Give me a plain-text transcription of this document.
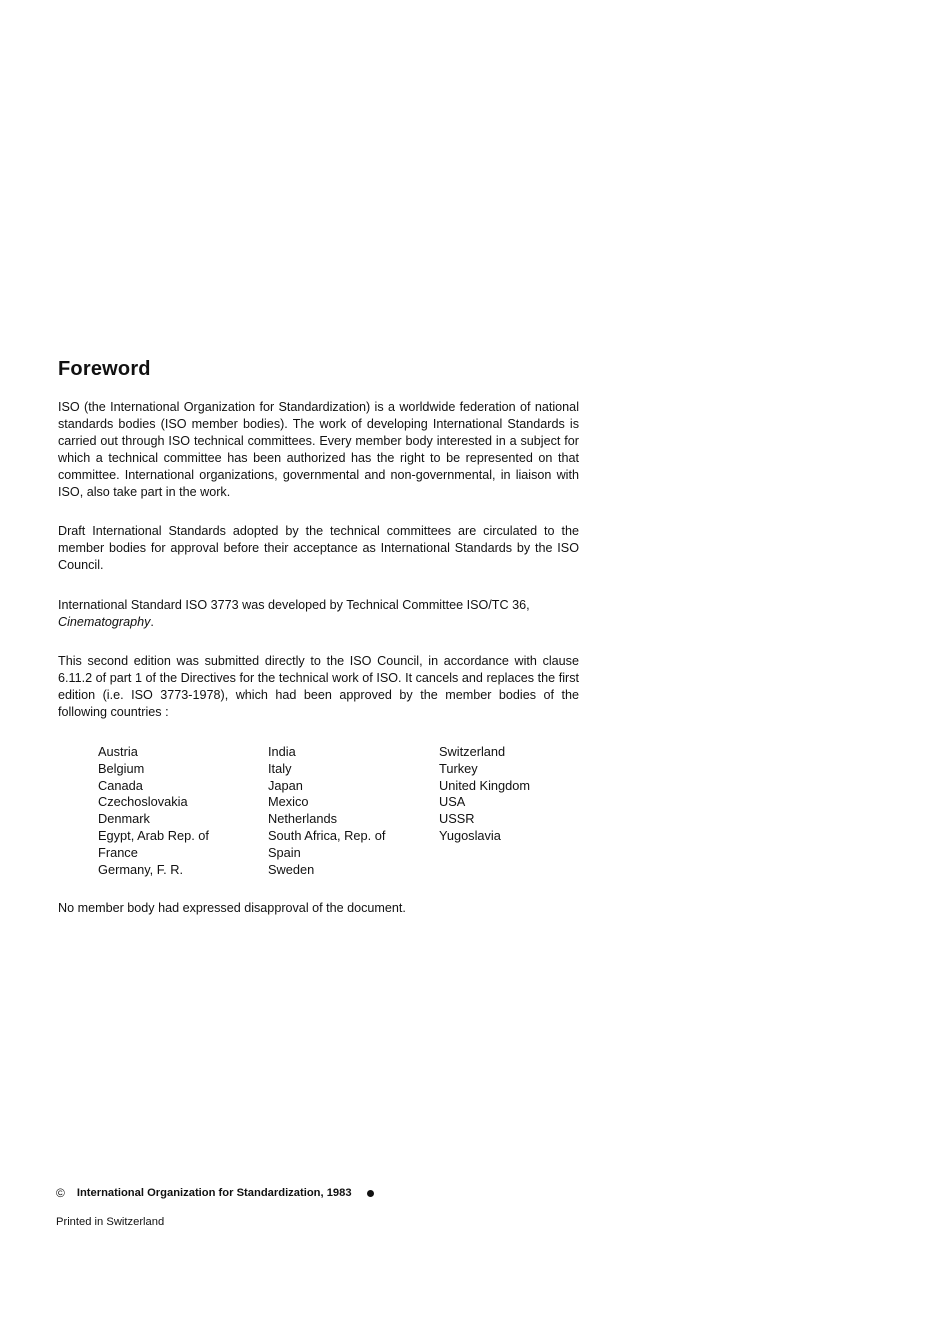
Foreword

ISO (the International Organization for Standardization) is a worldwide federation of national standards bodies (ISO member bodies). The work of developing International Standards is carried out through ISO technical committees. Every member body interested in a subject for which a technical committee has been authorized has the right to be represented on that committee. International organizations, governmental and non-governmental, in liaison with ISO, also take part in the work.

Draft International Standards adopted by the technical committees are circulated to the member bodies for approval before their acceptance as International Standards by the ISO Council.

International Standard ISO 3773 was developed by Technical Committee ISO/TC 36,
Cinematography.

This second edition was submitted directly to the ISO Council, in accordance with clause 6.11.2 of part 1 of the Directives for the technical work of ISO. It cancels and replaces the first edition (i.e. ISO 3773-1978), which had been approved by the member bodies of the following countries :

Austria
Belgium
Canada
Czechoslovakia
Denmark
Egypt, Arab Rep. of
France
Germany, F. R.
India
Italy
Japan
Mexico
Netherlands
South Africa, Rep. of
Spain
Sweden
Switzerland
Turkey
United Kingdom
USA
USSR
Yugoslavia

No member body had expressed disapproval of the document.

© International Organization for Standardization, 1983
Printed in Switzerland
